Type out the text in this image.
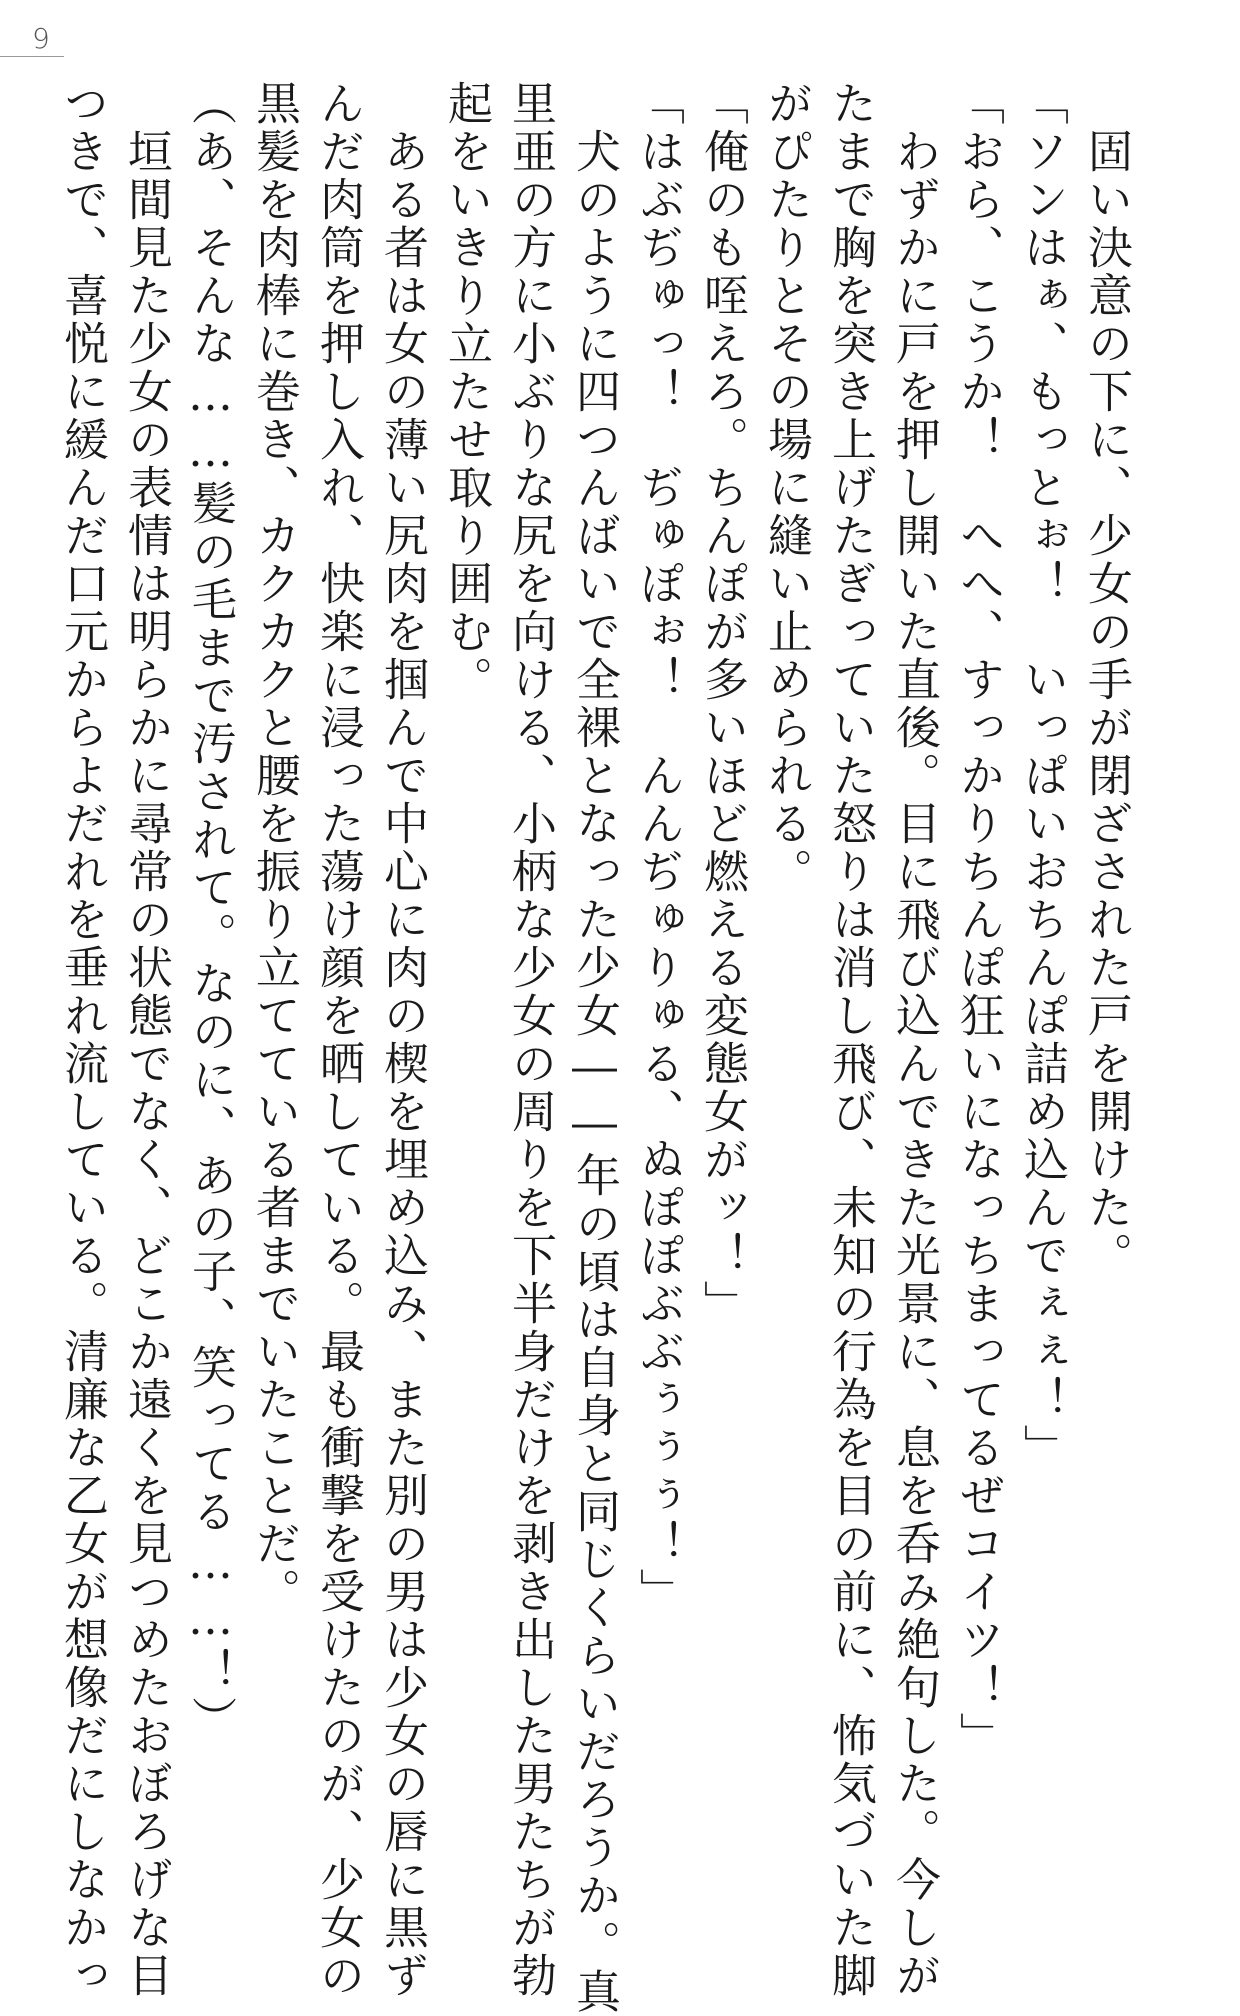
9
　固い決意の下に、少女の手が閉ざされた戸を開けた。
「ソンはぁ、もっとぉ！　いっぱいおちんぽ詰め込んでぇぇ！」
「おら、こうか！　へへ、すっかりちんぽ狂いになっちまってるぜコイツ！」
　わずかに戸を押し開いた直後。目に飛び込んできた光景に、息を呑み絶句した。今しが
たまで胸を突き上げたぎっていた怒りは消し飛び、未知の行為を目の前に、怖気づいた脚
がぴたりとその場に縫い止められる。
「俺のも咥えろ。ちんぽが多いほど燃える変態女がッ！」
「はぶぢゅっ！　ぢゅぽぉ！　んんぢゅりゅる、ぬぽぽぶぶぅぅぅ！」
　犬のように四つんばいで全裸となった少女――年の頃は自身と同じくらいだろうか。真
里亜の方に小ぶりな尻を向ける、小柄な少女の周りを下半身だけを剥き出した男たちが勃
起をいきり立たせ取り囲む。
　ある者は女の薄い尻肉を掴んで中心に肉の楔を埋め込み、また別の男は少女の唇に黒ず
んだ肉筒を押し入れ、快楽に浸った蕩け顔を晒している。最も衝撃を受けたのが、少女の
黒髪を肉棒に巻き、カクカクと腰を振り立てている者までいたことだ。
（あ、そんな……髪の毛まで汚されて。なのに、あの子、笑ってる……！）
　垣間見た少女の表情は明らかに尋常の状態でなく、どこか遠くを見つめたおぼろげな目
つきで、喜悦に緩んだ口元からよだれを垂れ流している。清廉な乙女が想像だにしなかっ
